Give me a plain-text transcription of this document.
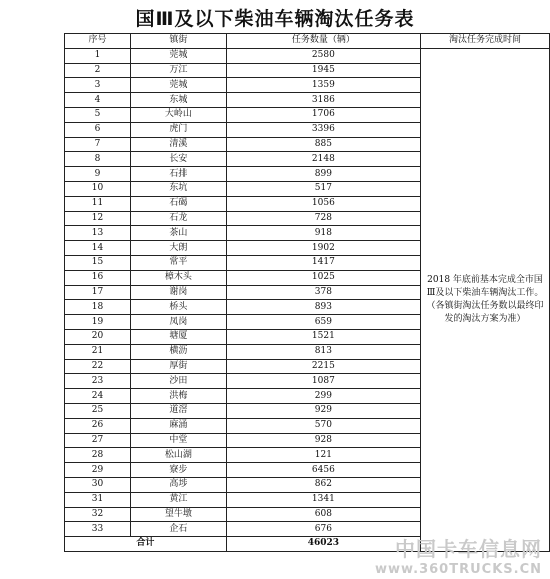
国Ⅲ及以下柴油车辆淘汰任务表
序号	镇街	任务数量（辆）	淘汰任务完成时间
1	莞城	2580	2018 年底前基本完成全市国Ⅲ及以下柴油车辆淘汰工作。（各镇街淘汰任务数以最终印发的淘汰方案为准）
2	万江	1945	
3	莞城	1359	
4	东城	3186	
5	大岭山	1706	
6	虎门	3396	
7	清溪	885	
8	长安	2148	
9	石排	899	
10	东坑	517	
11	石碣	1056	
12	石龙	728	
13	茶山	918	
14	大朗	1902	
15	常平	1417	
16	樟木头	1025	
17	谢岗	378	
18	桥头	893	
19	凤岗	659	
20	塘厦	1521	
21	横沥	813	
22	厚街	2215	
23	沙田	1087	
24	洪梅	299	
25	道滘	929	
26	麻涌	570	
27	中堂	928	
28	松山湖	121	
29	寮步	6456	
30	高埗	862	
31	黄江	1341	
32	望牛墩	608	
33	企石	676	
合计		46023		中国卡车信息网
www.360TRUCKS.CN
